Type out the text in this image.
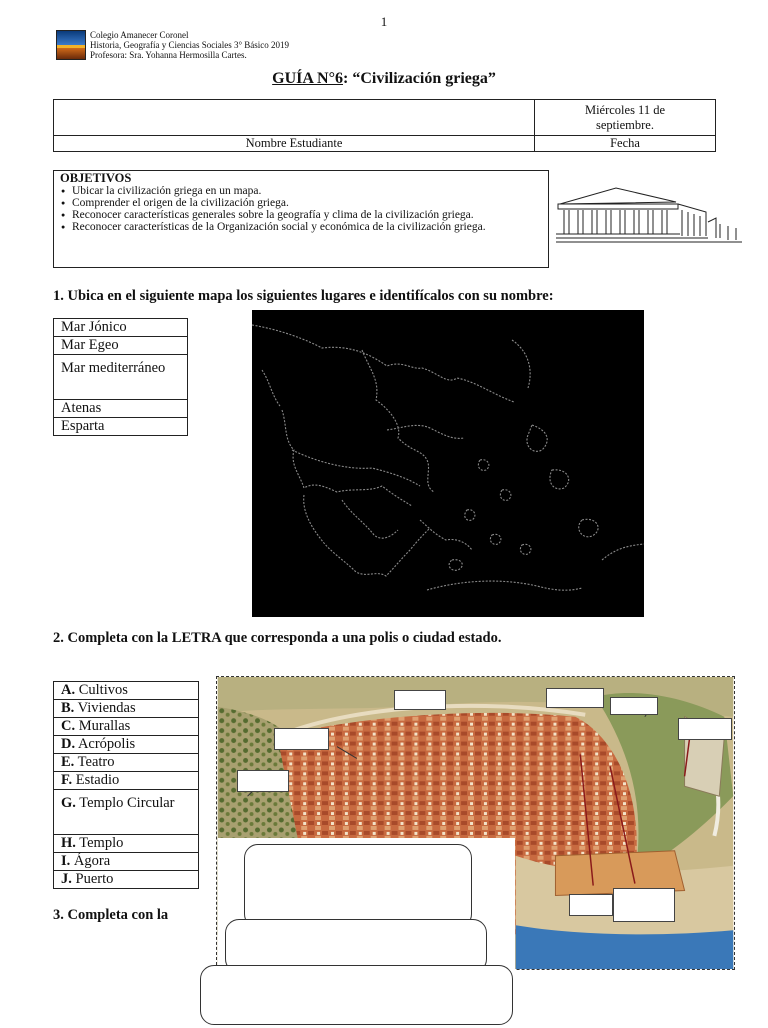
1
Colegio Amanecer Coronel
Historia, Geografía y Ciencias Sociales 3° Básico 2019
Profesora: Sra. Yohanna Hermosilla Cartes.
GUÍA N°6: “Civilización griega”
	Miércoles 11 de septiembre.
Nombre Estudiante	Fecha
OBJETIVOS
● Ubicar la civilización griega en un mapa.
● Comprender el origen de la civilización griega.
● Reconocer características generales sobre la geografía y clima de la civilización griega.
● Reconocer características de la Organización social y económica de la civilización griega.
1. Ubica en el siguiente mapa los siguientes lugares e identifícalos con su nombre:
Mar Jónico
Mar Egeo
Mar mediterráneo
Atenas
Esparta
2. Completa con la LETRA que corresponda a una polis o ciudad estado.
A. Cultivos
B. Viviendas
C. Murallas
D. Acrópolis
E. Teatro
F. Estadio
G. Templo Circular
H. Templo
I. Ágora
J. Puerto
3. Completa con la
